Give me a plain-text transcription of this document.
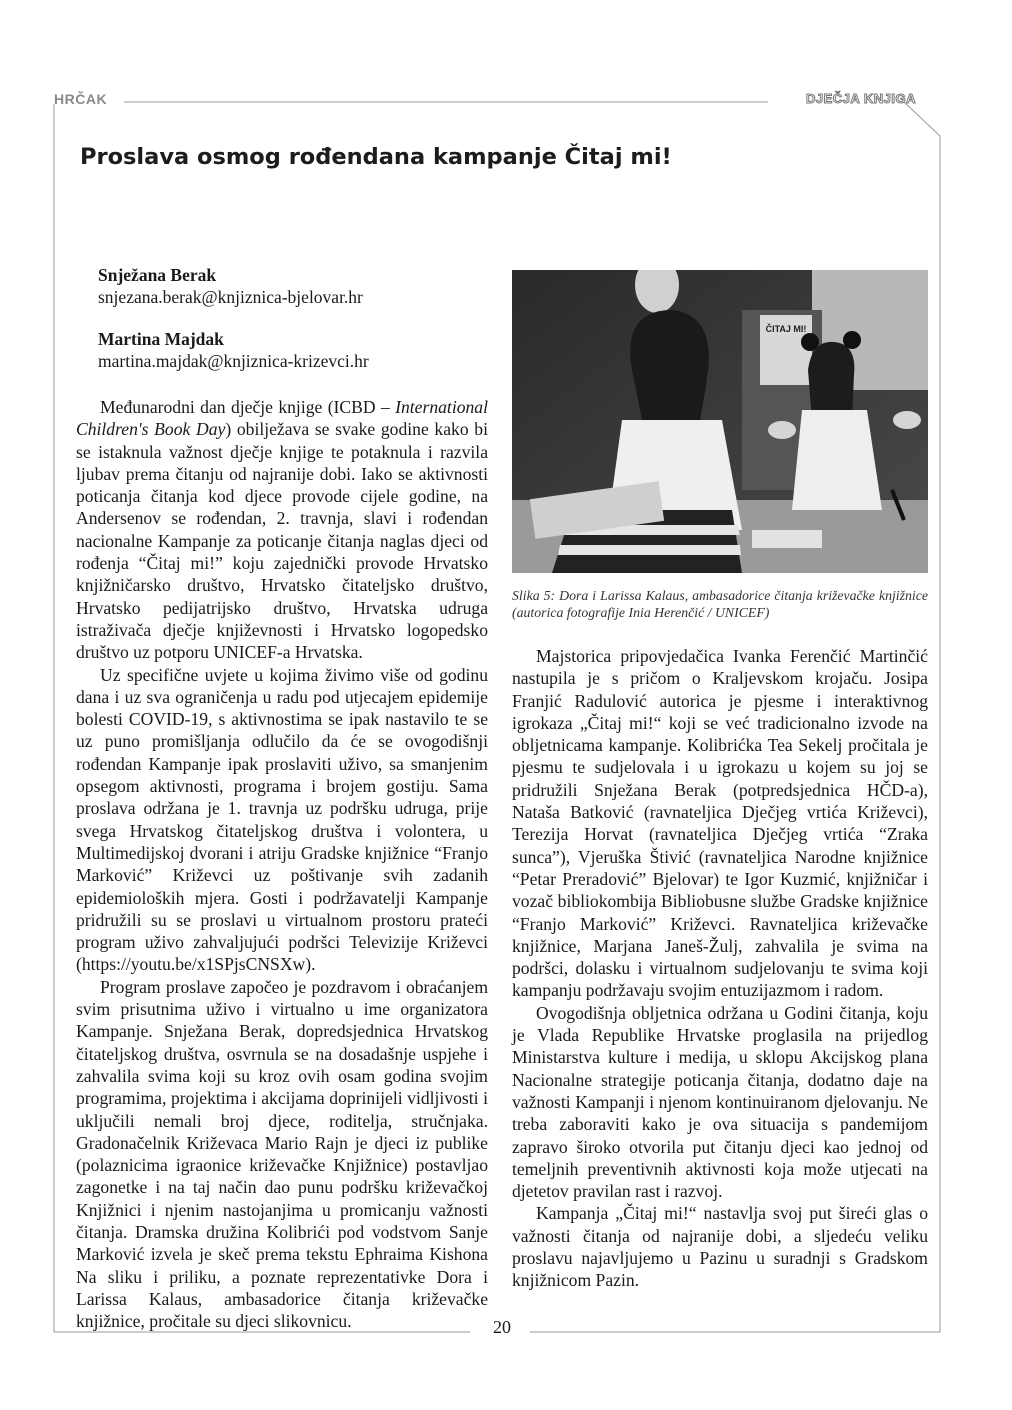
HRČAK	DJEČJA KNJIGA
Proslava osmog rođendana kampanje Čitaj mi!
Snježana Berak
snjezana.berak@knjiznica-bjelovar.hr
Martina Majdak
martina.majdak@knjiznica-krizevci.hr

Međunarodni dan dječje knjige (ICBD – International Children's Book Day) obilježava se svake godine kako bi se istaknula važnost dječje knjige te potaknula i razvila ljubav prema čitanju od najranije dobi. Iako se aktivnosti poticanja čitanja kod djece provode cijele godine, na Andersenov se rođendan, 2. travnja, slavi i rođendan nacionalne Kampanje za poticanje čitanja naglas djeci od rođenja “Čitaj mi!” koju zajednički provode Hrvatsko knjižničarsko društvo, Hrvatsko čitateljsko društvo, Hrvatsko pedijatrijsko društvo, Hrvatska udruga istraživača dječje književnosti i Hrvatsko logopedsko društvo uz potporu UNICEF-a Hrvatska.

Uz specifične uvjete u kojima živimo više od godinu dana i uz sva ograničenja u radu pod utjecajem epidemije bolesti COVID-19, s aktivnostima se ipak nastavilo te se uz puno promišljanja odlučilo da će se ovogodišnji rođendan Kampanje ipak proslaviti uživo, sa smanjenim opsegom aktivnosti, programa i brojem gostiju. Sama proslava održana je 1. travnja uz podršku udruga, prije svega Hrvatskog čitateljskog društva i volontera, u Multimedijskoj dvorani i atriju Gradske knjižnice “Franjo Marković” Križevci uz poštivanje svih zadanih epidemioloških mjera. Gosti i podržavatelji Kampanje pridružili su se proslavi u virtualnom prostoru prateći program uživo zahvaljujući podršci Televizije Križevci (https://youtu.be/x1SPjsCNSXw).

Program proslave započeo je pozdravom i obraćanjem svim prisutnima uživo i virtualno u ime organizatora Kampanje. Snježana Berak, dopredsjednica Hrvatskog čitateljskog društva, osvrnula se na dosadašnje uspjehe i zahvalila svima koji su kroz ovih osam godina svojim programima, projektima i akcijama doprinijeli vidljivosti i uključili nemali broj djece, roditelja, stručnjaka. Gradonačelnik Križevaca Mario Rajn je djeci iz publike (polaznicima igraonice križevačke Knjižnice) postavljao zagonetke i na taj način dao punu podršku križevačkoj Knjižnici i njenim nastojanjima u promicanju važnosti čitanja. Dramska družina Kolibrići pod vodstvom Sanje Marković izvela je skeč prema tekstu Ephraima Kishona Na sliku i priliku, a poznate reprezentativke Dora i Larissa Kalaus, ambasadorice čitanja križevačke knjižnice, pročitale su djeci slikovnicu.

ČITAJ MI!
Slika 5: Dora i Larissa Kalaus, ambasadorice čitanja križevačke knjižnice (autorica fotografije Inia Herenčić / UNICEF)

Majstorica pripovjedačica Ivanka Ferenčić Martinčić nastupila je s pričom o Kraljevskom krojaču. Josipa Franjić Radulović autorica je pjesme i interaktivnog igrokaza „Čitaj mi!“ koji se već tradicionalno izvode na obljetnicama kampanje. Kolibrićka Tea Sekelj pročitala je pjesmu te sudjelovala i u igrokazu u kojem su joj se pridružili Snježana Berak (potpredsjednica HČD-a), Nataša Batković (ravnateljica Dječjeg vrtića Križevci), Terezija Horvat (ravnateljica Dječjeg vrtića “Zraka sunca”), Vjeruška Štivić (ravnateljica Narodne knjižnice “Petar Preradović” Bjelovar) te Igor Kuzmić, knjižničar i vozač bibliokombija Bibliobusne službe Gradske knjižnice “Franjo Marković” Križevci. Ravnateljica križevačke knjižnice, Marjana Janeš-Žulj, zahvalila je svima na podršci, dolasku i virtualnom sudjelovanju te svima koji kampanju podržavaju svojim entuzijazmom i radom.

Ovogodišnja obljetnica održana u Godini čitanja, koju je Vlada Republike Hrvatske proglasila na prijedlog Ministarstva kulture i medija, u sklopu Akcijskog plana Nacionalne strategije poticanja čitanja, dodatno daje na važnosti Kampanji i njenom kontinuiranom djelovanju. Ne treba zaboraviti kako je ova situacija s pandemijom zapravo široko otvorila put čitanju djeci kao jednoj od temeljnih preventivnih aktivnosti koja može utjecati na djetetov pravilan rast i razvoj.

Kampanja „Čitaj mi!“ nastavlja svoj put šireći glas o važnosti čitanja od najranije dobi, a sljedeću veliku proslavu najavljujemo u Pazinu u suradnji s Gradskom knjižnicom Pazin.

20
